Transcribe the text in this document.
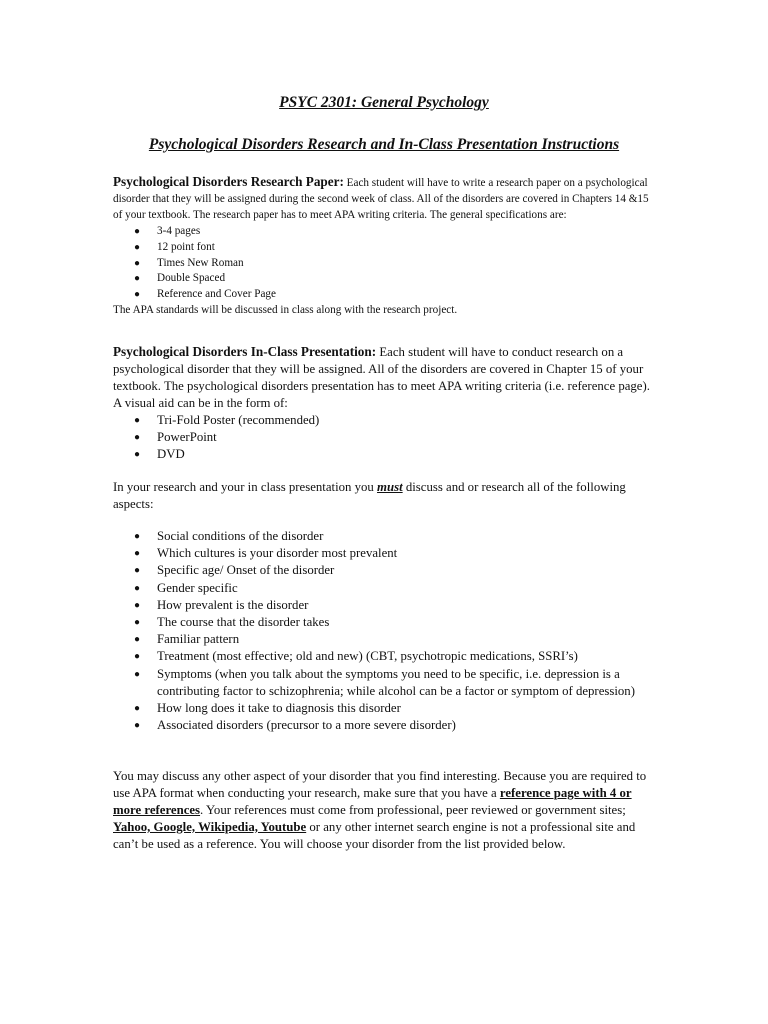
PSYC 2301: General Psychology
Psychological Disorders Research and In-Class Presentation Instructions

Psychological Disorders Research Paper: Each student will have to write a research paper on a psychological disorder that they will be assigned during the second week of class. All of the disorders are covered in Chapters 14 &15 of your textbook. The research paper has to meet APA writing criteria. The general specifications are:

● 3-4 pages
● 12 point font
● Times New Roman
● Double Spaced
● Reference and Cover Page

The APA standards will be discussed in class along with the research project.

Psychological Disorders In-Class Presentation: Each student will have to conduct research on a psychological disorder that they will be assigned. All of the disorders are covered in Chapter 15 of your textbook. The psychological disorders presentation has to meet APA writing criteria (i.e. reference page). A visual aid can be in the form of:

● Tri-Fold Poster (recommended)
● PowerPoint
● DVD

In your research and your in class presentation you must discuss and or research all of the following aspects:

● Social conditions of the disorder
● Which cultures is your disorder most prevalent
● Specific age/ Onset of the disorder
● Gender specific
● How prevalent is the disorder
● The course that the disorder takes
● Familiar pattern
● Treatment (most effective; old and new) (CBT, psychotropic medications, SSRI’s)
● Symptoms (when you talk about the symptoms you need to be specific, i.e. depression is a contributing factor to schizophrenia; while alcohol can be a factor or symptom of depression)
● How long does it take to diagnosis this disorder
● Associated disorders (precursor to a more severe disorder)

You may discuss any other aspect of your disorder that you find interesting. Because you are required to use APA format when conducting your research, make sure that you have a reference page with 4 or more references. Your references must come from professional, peer reviewed or government sites; Yahoo, Google, Wikipedia, Youtube or any other internet search engine is not a professional site and can’t be used as a reference. You will choose your disorder from the list provided below.
